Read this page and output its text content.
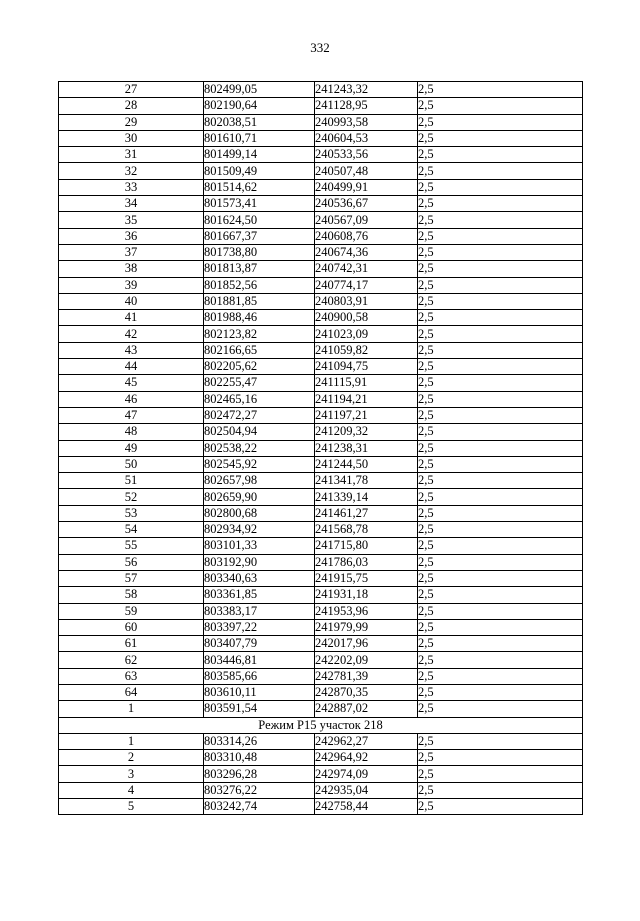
332
27	802499,05	241243,32	2,5
28	802190,64	241128,95	2,5
29	802038,51	240993,58	2,5
30	801610,71	240604,53	2,5
31	801499,14	240533,56	2,5
32	801509,49	240507,48	2,5
33	801514,62	240499,91	2,5
34	801573,41	240536,67	2,5
35	801624,50	240567,09	2,5
36	801667,37	240608,76	2,5
37	801738,80	240674,36	2,5
38	801813,87	240742,31	2,5
39	801852,56	240774,17	2,5
40	801881,85	240803,91	2,5
41	801988,46	240900,58	2,5
42	802123,82	241023,09	2,5
43	802166,65	241059,82	2,5
44	802205,62	241094,75	2,5
45	802255,47	241115,91	2,5
46	802465,16	241194,21	2,5
47	802472,27	241197,21	2,5
48	802504,94	241209,32	2,5
49	802538,22	241238,31	2,5
50	802545,92	241244,50	2,5
51	802657,98	241341,78	2,5
52	802659,90	241339,14	2,5
53	802800,68	241461,27	2,5
54	802934,92	241568,78	2,5
55	803101,33	241715,80	2,5
56	803192,90	241786,03	2,5
57	803340,63	241915,75	2,5
58	803361,85	241931,18	2,5
59	803383,17	241953,96	2,5
60	803397,22	241979,99	2,5
61	803407,79	242017,96	2,5
62	803446,81	242202,09	2,5
63	803585,66	242781,39	2,5
64	803610,11	242870,35	2,5
1	803591,54	242887,02	2,5
Режим Р15 участок 218			
1	803314,26	242962,27	2,5
2	803310,48	242964,92	2,5
3	803296,28	242974,09	2,5
4	803276,22	242935,04	2,5
5	803242,74	242758,44	2,5
